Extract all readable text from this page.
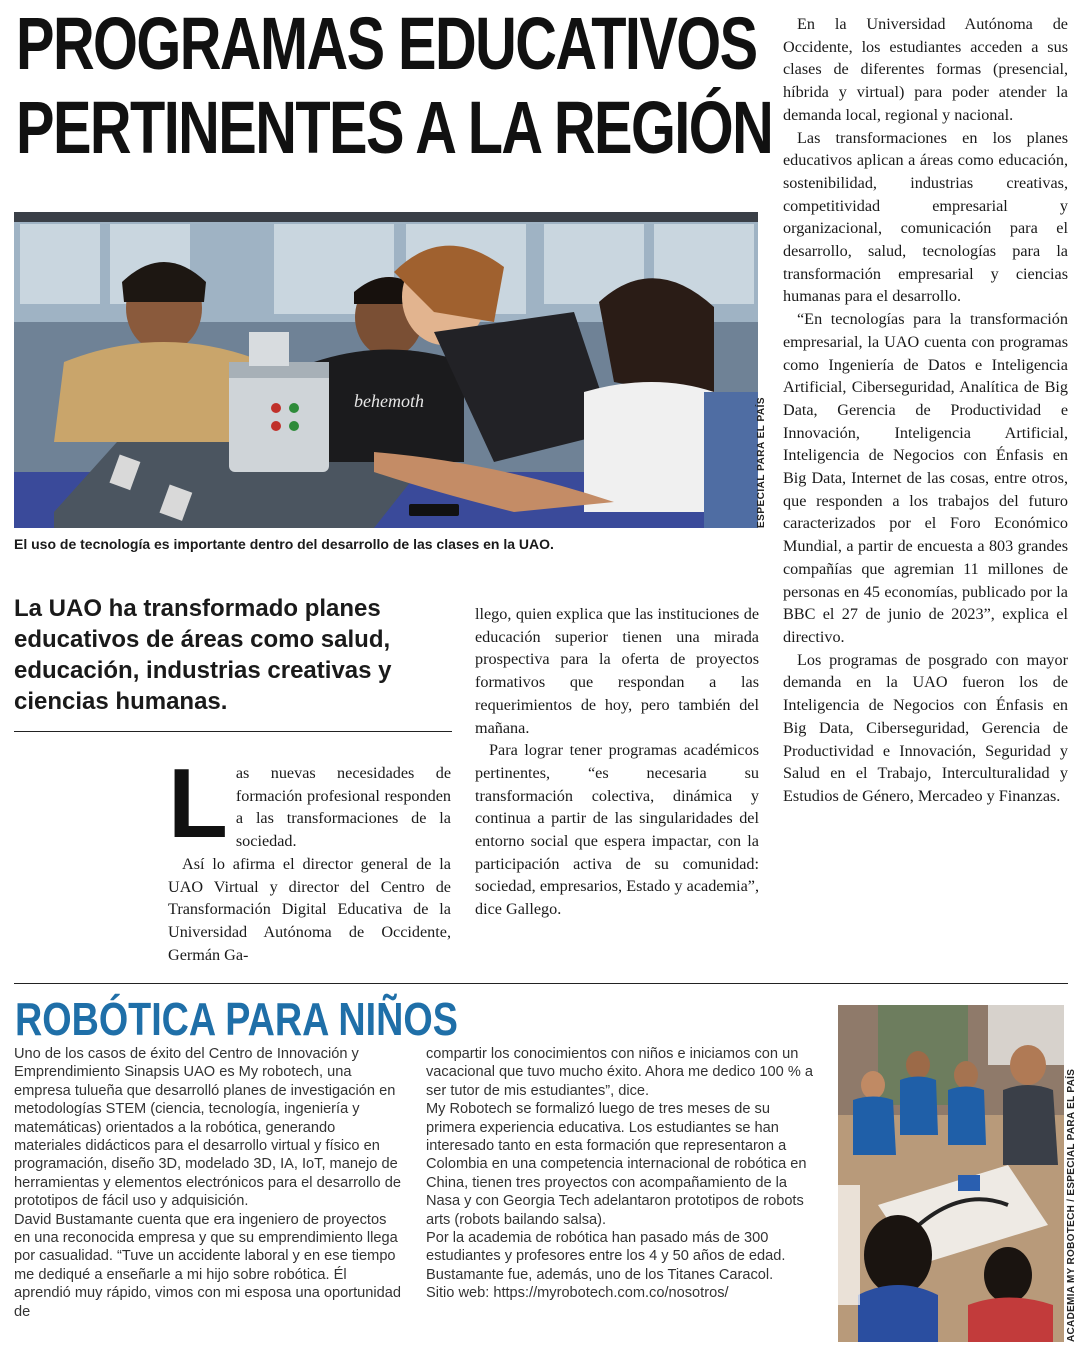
PROGRAMAS EDUCATIVOS
PERTINENTES A LA REGIÓN
behemoth	ESPECIAL PARA EL PAÍS
El uso de tecnología es importante dentro del desarrollo de las clases en la UAO.
La UAO ha transformado planes educativos de áreas como salud, educación, industrias creativas y ciencias humanas.
L as nuevas necesidades de formación profesional responden a las transformaciones de la sociedad.

Así lo afirma el director general de la UAO Virtual y director del Centro de Transformación Digital Educativa de la Universidad Autónoma de Occidente, Germán Ga-

llego, quien explica que las instituciones de educación superior tienen una mirada prospectiva para la oferta de proyectos formativos que respondan a las requerimientos de hoy, pero también del mañana.

Para lograr tener programas académicos pertinentes, “es necesaria su transformación colectiva, dinámica y continua a partir de las singularidades del entorno social que espera impactar, con la participación activa de su comunidad: sociedad, empresarios, Estado y academia”, dice Gallego.

En la Universidad Autónoma de Occidente, los estudiantes acceden a sus clases de diferentes formas (presencial, híbrida y virtual) para poder atender la demanda local, regional y nacional.

Las transformaciones en los planes educativos aplican a áreas como educación, sostenibilidad, industrias creativas, competitividad empresarial y organizacional, comunicación para el desarrollo, salud, tecnologías para la transformación empresarial y ciencias humanas para el desarrollo.

“En tecnologías para la transformación empresarial, la UAO cuenta con programas como Ingeniería de Datos e Inteligencia Artificial, Ciberseguridad, Analítica de Big Data, Gerencia de Productividad e Innovación, Inteligencia Artificial, Inteligencia de Negocios con Énfasis en Big Data, Internet de las cosas, entre otros, que responden a los trabajos del futuro caracterizados por el Foro Económico Mundial, a partir de encuesta a 803 grandes compañías que agremian 11 millones de personas en 45 economías, publicado por la BBC el 27 de junio de 2023”, explica el directivo.

Los programas de posgrado con mayor demanda en la UAO fueron los de Inteligencia de Negocios con Énfasis en Big Data, Ciberseguridad, Gerencia de Productividad e Innovación, Seguridad y Salud en el Trabajo, Interculturalidad y Estudios de Género, Mercadeo y Finanzas.

ROBÓTICA PARA NIÑOS

Uno de los casos de éxito del Centro de Innovación y Emprendimiento Sinapsis UAO es My robotech, una empresa tulueña que desarrolló planes de investigación en metodologías STEM (ciencia, tecnología, ingeniería y matemáticas) orientados a la robótica, generando materiales didácticos para el desarrollo virtual y físico en programación, diseño 3D, modelado 3D, IA, IoT, manejo de herramientas y elementos electrónicos para el desarrollo de prototipos de fácil uso y adquisición.

David Bustamante cuenta que era ingeniero de proyectos en una reconocida empresa y que su emprendimiento llega por casualidad. “Tuve un accidente laboral y en ese tiempo me dediqué a enseñarle a mi hijo sobre robótica. Él aprendió muy rápido, vimos con mi esposa una oportunidad de

compartir los conocimientos con niños e iniciamos con un vacacional que tuvo mucho éxito. Ahora me dedico 100 % a ser tutor de mis estudiantes”, dice.

My Robotech se formalizó luego de tres meses de su primera experiencia educativa. Los estudiantes se han interesado tanto en esta formación que representaron a Colombia en una competencia internacional de robótica en China, tienen tres proyectos con acompañamiento de la Nasa y con Georgia Tech adelantaron prototipos de robots arts (robots bailando salsa).

Por la academia de robótica han pasado más de 300 estudiantes y profesores entre los 4 y 50 años de edad. Bustamante fue, además, uno de los Titanes Caracol.

Sitio web: https://myrobotech.com.co/nosotros/	ACADEMIA MY ROBOTECH / ESPECIAL PARA EL PAÍS
